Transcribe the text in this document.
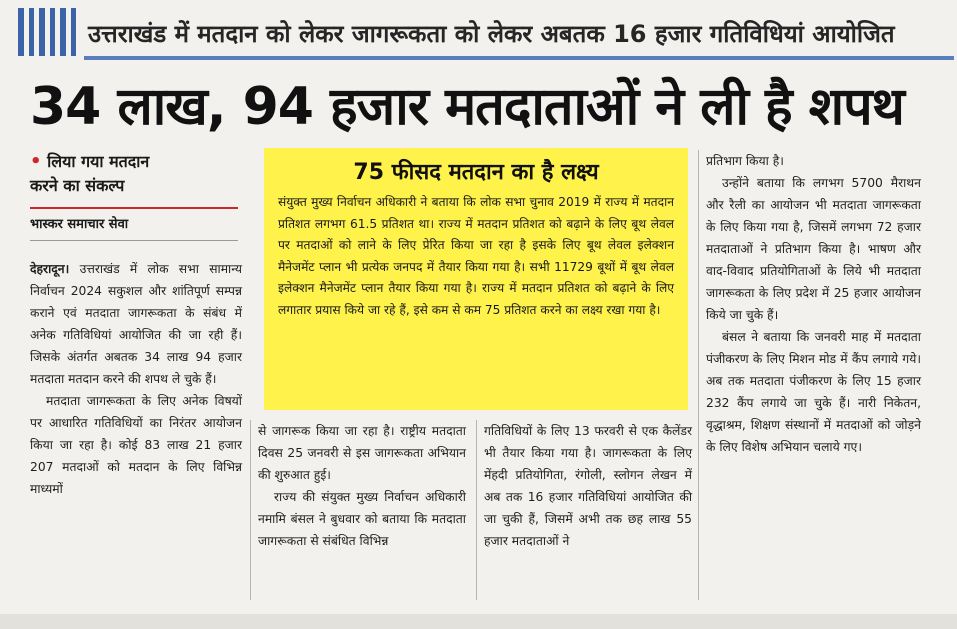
उत्तराखंड में मतदान को लेकर जागरूकता को लेकर अबतक 16 हजार गतिविधियां आयोजित
34 लाख, 94 हजार मतदाताओं ने ली है शपथ
• लिया गया मतदान
करने का संकल्प
भास्कर समाचार सेवा

देहरादून। उत्तराखंड में लोक सभा सामान्य निर्वाचन 2024 सकुशल और शांतिपूर्ण सम्पन्न कराने एवं मतदाता जागरूकता के संबंध में अनेक गतिविधियां आयोजित की जा रही हैं। जिसके अंतर्गत अबतक 34 लाख 94 हजार मतदाता मतदान करने की शपथ ले चुके हैं।

मतदाता जागरूकता के लिए अनेक विषयों पर आधारित गतिविधियों का निरंतर आयोजन किया जा रहा है। कोई 83 लाख 21 हजार 207 मतदाओं को मतदान के लिए विभिन्न माध्यमों

75 फीसद मतदान का है लक्ष्य
संयुक्त मुख्य निर्वाचन अधिकारी ने बताया कि लोक सभा चुनाव 2019 में राज्य में मतदान प्रतिशत लगभग 61.5 प्रतिशत था। राज्य में मतदान प्रतिशत को बढ़ाने के लिए बूथ लेवल पर मतदाओं को लाने के लिए प्रेरित किया जा रहा है इसके लिए बूथ लेवल इलेक्शन मैनेजमेंट प्लान भी प्रत्येक जनपद में तैयार किया गया है। सभी 11729 बूथों में बूथ लेवल इलेक्शन मैनेजमेंट प्लान तैयार किया गया है। राज्य में मतदान प्रतिशत को बढ़ाने के लिए लगातार प्रयास किये जा रहे हैं, इसे कम से कम 75 प्रतिशत करने का लक्ष्य रखा गया है।

से जागरूक किया जा रहा है। राष्ट्रीय मतदाता दिवस 25 जनवरी से इस जागरूकता अभियान की शुरुआत हुई।

राज्य की संयुक्त मुख्य निर्वाचन अधिकारी नमामि बंसल ने बुधवार को बताया कि मतदाता जागरूकता से संबंधित विभिन्न

गतिविधियों के लिए 13 फरवरी से एक कैलेंडर भी तैयार किया गया है। जागरूकता के लिए मेंहदी प्रतियोगिता, रंगोली, स्लोगन लेखन में अब तक 16 हजार गतिविधियां आयोजित की जा चुकी हैं, जिसमें अभी तक छह लाख 55 हजार मतदाताओं ने

प्रतिभाग किया है।

उन्होंने बताया कि लगभग 5700 मैराथन और रैली का आयोजन भी मतदाता जागरूकता के लिए किया गया है, जिसमें लगभग 72 हजार मतदाताओं ने प्रतिभाग किया है। भाषण और वाद-विवाद प्रतियोगिताओं के लिये भी मतदाता जागरूकता के लिए प्रदेश में 25 हजार आयोजन किये जा चुके हैं।

बंसल ने बताया कि जनवरी माह में मतदाता पंजीकरण के लिए मिशन मोड में कैंप लगाये गये। अब तक मतदाता पंजीकरण के लिए 15 हजार 232 कैंप लगाये जा चुके हैं। नारी निकेतन, वृद्धाश्रम, शिक्षण संस्थानों में मतदाओं को जोड़ने के लिए विशेष अभियान चलाये गए।
